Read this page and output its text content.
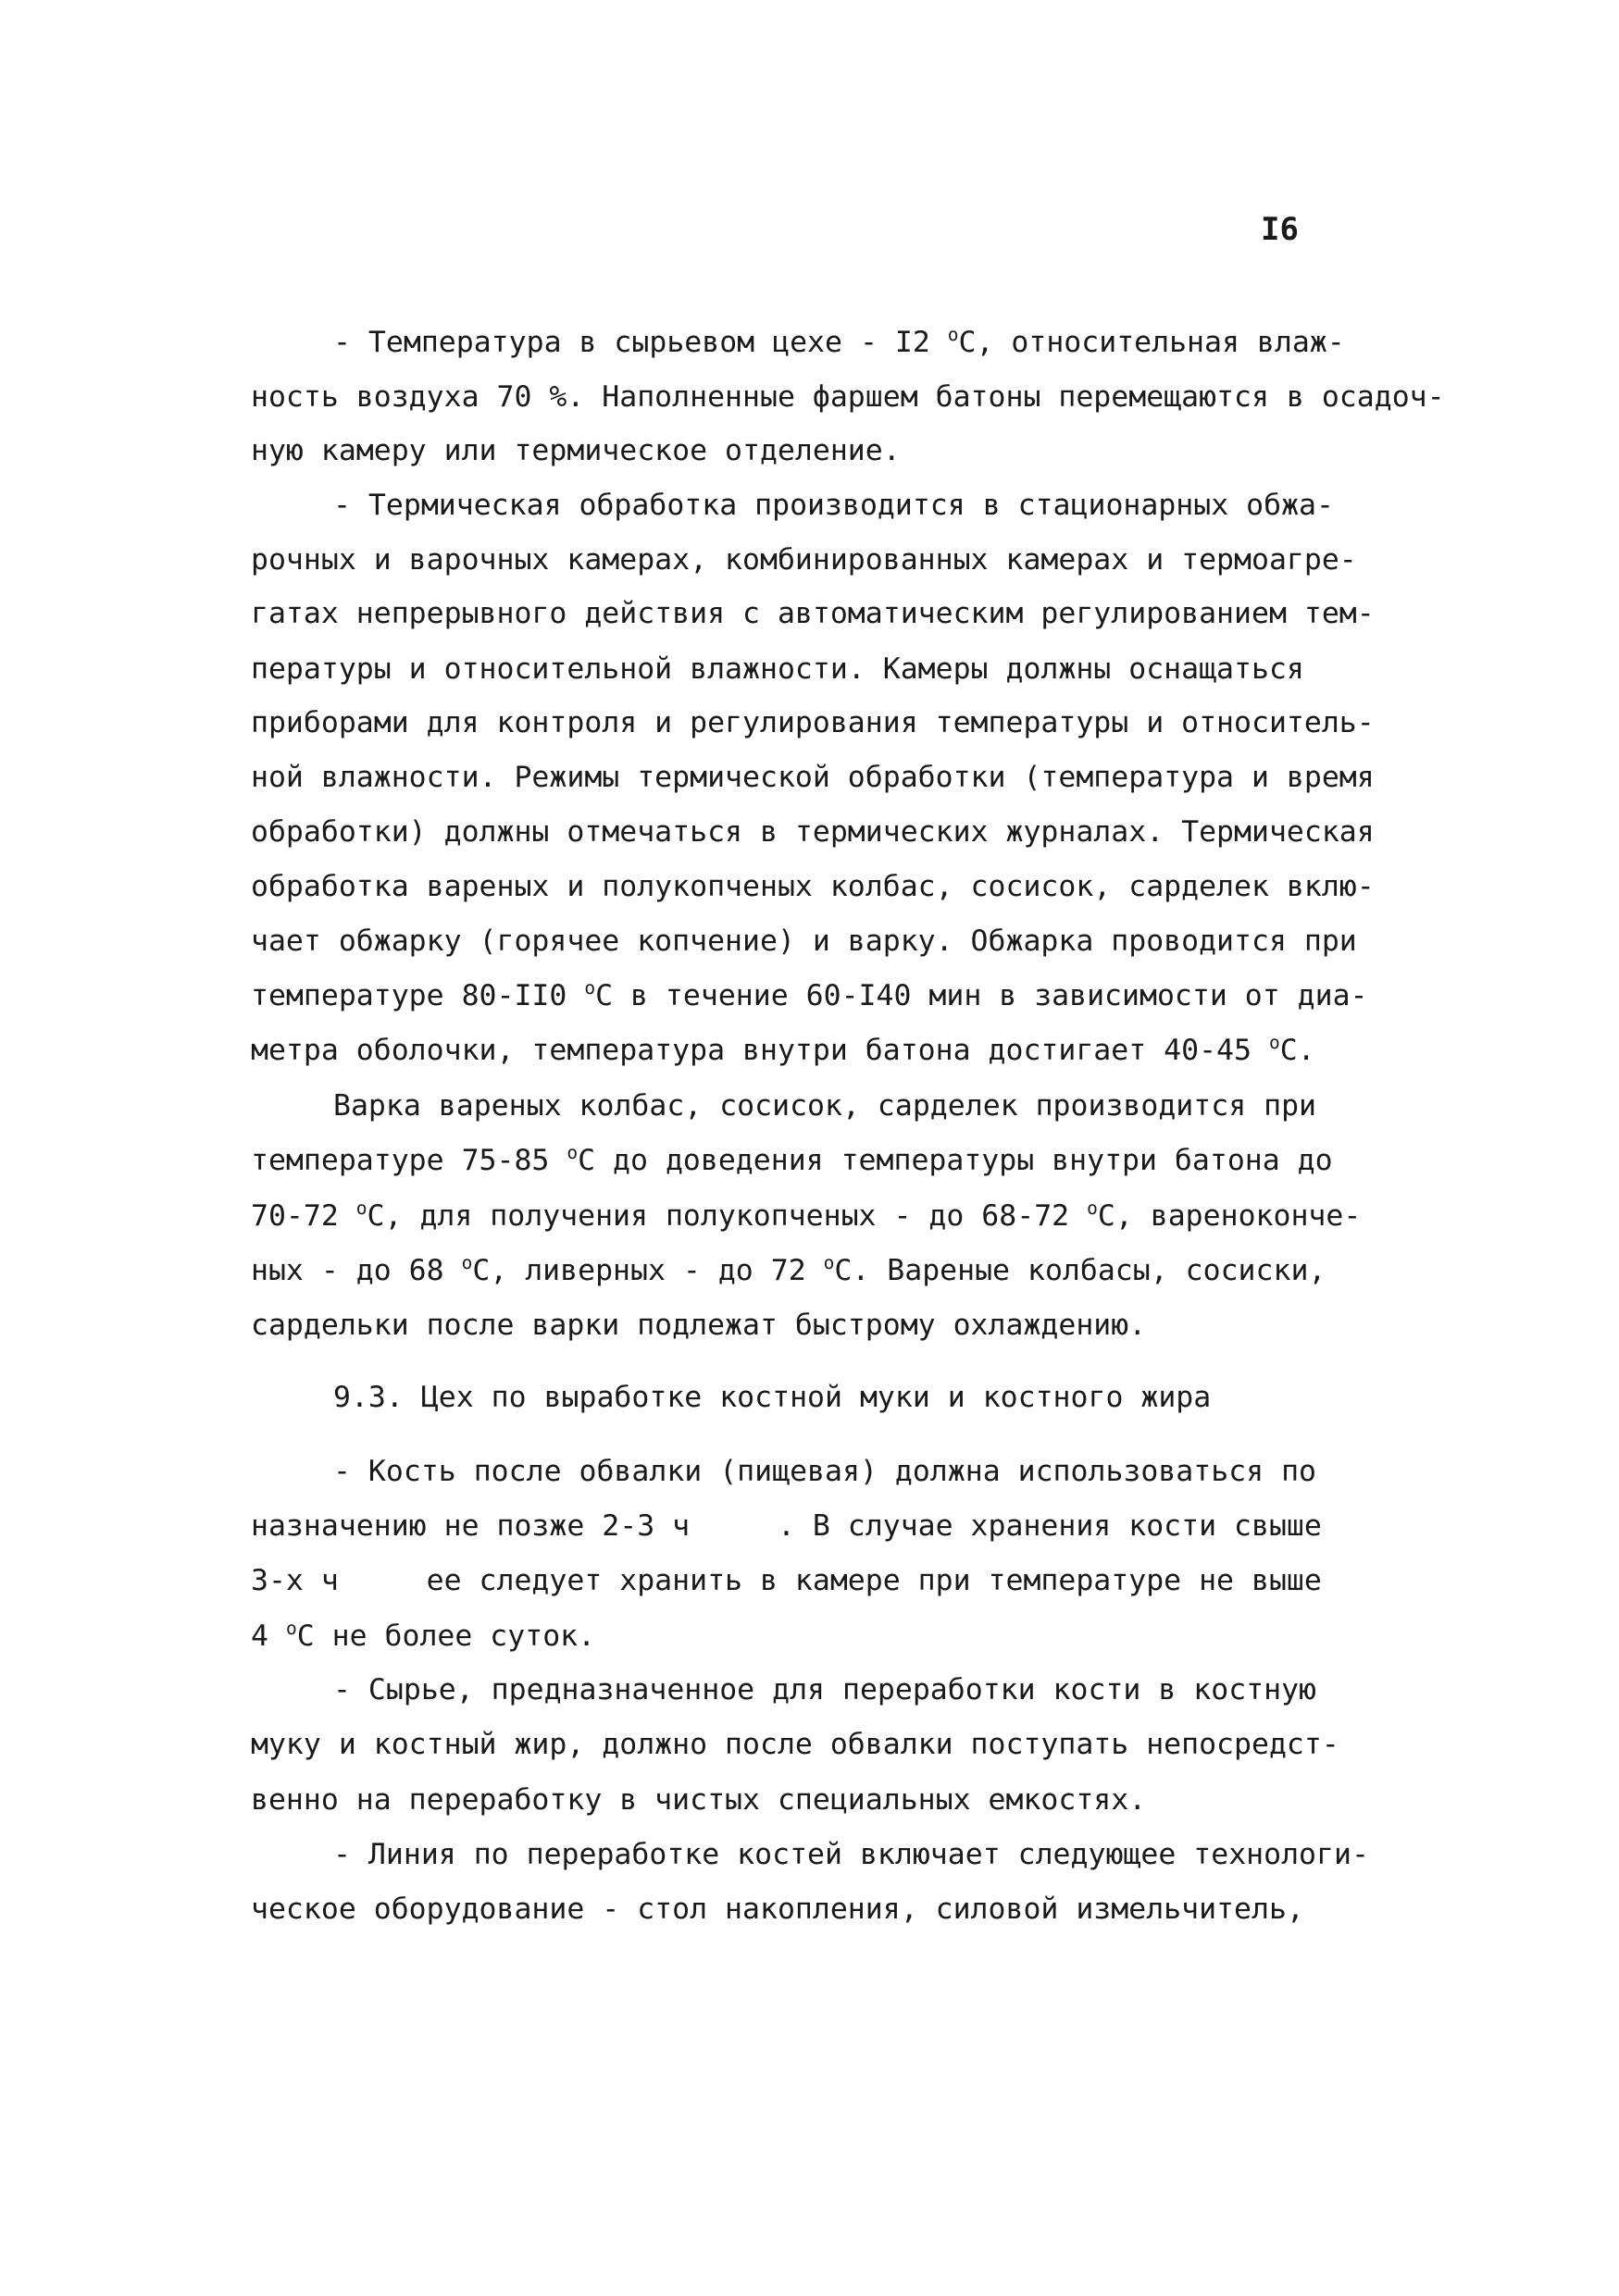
I6
- Температура в сырьевом цехе - I2 $^o$С, относительная влаж-
ность воздуха 70 %. Наполненные фаршем батоны перемещаются в осадоч-
ную камеру или термическое отделение.
- Термическая обработка производится в стационарных обжа-
рочных и варочных камерах, комбинированных камерах и термоагре-
гатах непрерывного действия с автоматическим регулированием тем-
пературы и относительной влажности. Камеры должны оснащаться
приборами для контроля и регулирования температуры и относитель-
ной влажности. Режимы термической обработки (температура и время
обработки) должны отмечаться в термических журналах. Термическая
обработка вареных и полукопченых колбас, сосисок, сарделек вклю-
чает обжарку (горячее копчение) и варку. Обжарка проводится при
температуре 80-II0 $^o$С в течение 60-I40 мин в зависимости от диа-
метра оболочки, температура внутри батона достигает 40-45 $^o$С.
Варка вареных колбас, сосисок, сарделек производится при
температуре 75-85 $^o$С до доведения температуры внутри батона до
70-72 $^o$С, для получения полукопченых - до 68-72 $^o$С, вареноконче-
ных - до 68 $^o$С, ливерных - до 72 $^o$С. Вареные колбасы, сосиски,
сардельки после варки подлежат быстрому охлаждению.
9.3. Цех по выработке костной муки и костного жира
- Кость после обвалки (пищевая) должна использоваться по
назначению не позже 2-3 ч     . В случае хранения кости свыше
3-х ч     ее следует хранить в камере при температуре не выше
4 $^o$С не более суток.
- Сырье, предназначенное для переработки кости в костную
муку и костный жир, должно после обвалки поступать непосредст-
венно на переработку в чистых специальных емкостях.
- Линия по переработке костей включает следующее технологи-
ческое оборудование - стол накопления, силовой измельчитель,
